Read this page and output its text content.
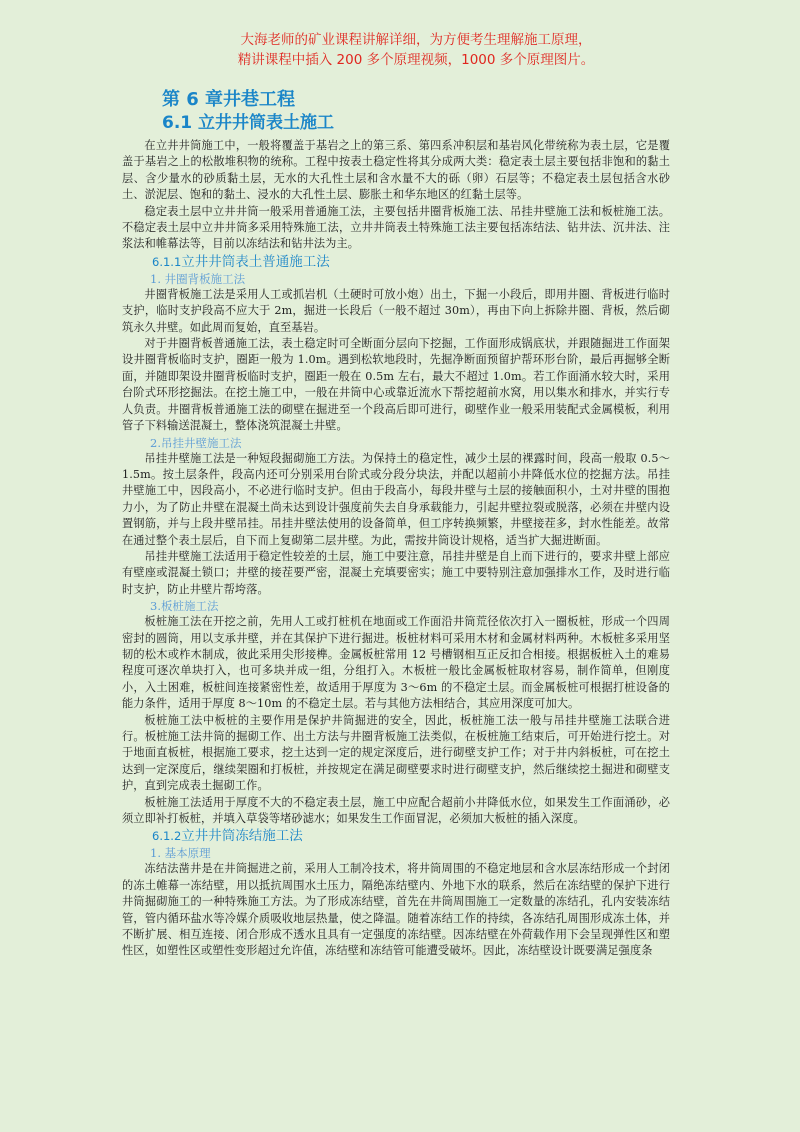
大海老师的矿业课程讲解详细，为方便考生理解施工原理，
精讲课程中插入 200 多个原理视频，1000 多个原理图片。
第 6 章井巷工程
6.1 立井井筒表土施工

在立井井筒施工中，一般将覆盖于基岩之上的第三系、第四系冲积层和基岩风化带统称为表土层，它是覆盖于基岩之上的松散堆积物的统称。工程中按表土稳定性将其分成两大类：稳定表土层主要包括非饱和的黏土层、含少量水的砂质黏土层，无水的大孔性土层和含水量不大的砾（卵）石层等；不稳定表土层包括含水砂土、淤泥层、饱和的黏土、浸水的大孔性土层、膨胀土和华东地区的红黏土层等。

稳定表土层中立井井筒一般采用普通施工法，主要包括井圈背板施工法、吊挂井壁施工法和板桩施工法。不稳定表土层中立井井筒多采用特殊施工法，立井井筒表土特殊施工法主要包括冻结法、钻井法、沉井法、注浆法和帷幕法等，目前以冻结法和钻井法为主。

6.1.1立井井筒表土普通施工法
1. 井圈背板施工法

井圈背板施工法是采用人工或抓岩机（土硬时可放小炮）出土，下掘一小段后，即用井圈、背板进行临时支护，临时支护段高不应大于 2m，掘进一长段后（一般不超过 30m），再由下向上拆除井圈、背板，然后砌筑永久井壁。如此周而复始，直至基岩。

对于井圈背板普通施工法，表土稳定时可全断面分层向下挖掘，工作面形成锅底状，并跟随掘进工作面架设井圈背板临时支护，圈距一般为 1.0m。遇到松软地段时，先掘净断面预留护帮环形台阶，最后再掘够全断面，并随即架设井圈背板临时支护，圈距一般在 0.5m 左右，最大不超过 1.0m。若工作面涌水较大时，采用台阶式环形挖掘法。在挖土施工中，一般在井筒中心或靠近流水下帮挖超前水窝，用以集水和排水，并实行专人负责。井圈背板普通施工法的砌壁在掘进至一个段高后即可进行，砌壁作业一般采用装配式金属模板，利用管子下料输送混凝土，整体浇筑混凝土井壁。

2.吊挂井壁施工法

吊挂井壁施工法是一种短段掘砌施工方法。为保持土的稳定性，减少土层的裸露时间，段高一般取 0.5～1.5m。按土层条件，段高内还可分别采用台阶式或分段分块法，并配以超前小井降低水位的挖掘方法。吊挂井壁施工中，因段高小，不必进行临时支护。但由于段高小，每段井壁与土层的接触面积小，土对井壁的围抱力小，为了防止井壁在混凝土尚未达到设计强度前失去自身承载能力，引起井壁拉裂或脱落，必须在井壁内设置钢筋，并与上段井壁吊挂。吊挂井壁法使用的设备简单，但工序转换频繁，井壁接茬多，封水性能差。故常在通过整个表土层后，自下而上复砌第二层井壁。为此，需按井筒设计规格，适当扩大掘进断面。

吊挂井壁施工法适用于稳定性较差的土层，施工中要注意，吊挂井壁是自上而下进行的，要求井壁上部应有壁座或混凝土锁口；井壁的接茬要严密，混凝土充填要密实；施工中要特别注意加强排水工作，及时进行临时支护，防止井壁片帮垮落。

3.板桩施工法

板桩施工法在开挖之前，先用人工或打桩机在地面或工作面沿井筒荒径依次打入一圈板桩，形成一个四周密封的圆筒，用以支承井壁，并在其保护下进行掘进。板桩材料可采用木材和金属材料两种。木板桩多采用坚韧的松木或柞木制成，彼此采用尖形接榫。金属板桩常用 12 号槽钢相互正反扣合相接。根据板桩入土的难易程度可逐次单块打入，也可多块并成一组，分组打入。木板桩一般比金属板桩取材容易，制作简单，但刚度小，入土困难，板桩间连接紧密性差，故适用于厚度为 3～6m 的不稳定土层。而金属板桩可根据打桩设备的能力条件，适用于厚度 8～10m 的不稳定土层。若与其他方法相结合，其应用深度可加大。

板桩施工法中板桩的主要作用是保护井筒掘进的安全，因此，板桩施工法一般与吊挂井壁施工法联合进行。板桩施工法井筒的掘砌工作、出土方法与井圈背板施工法类似，在板桩施工结束后，可开始进行挖土。对于地面直板桩，根据施工要求，挖土达到一定的规定深度后，进行砌壁支护工作；对于井内斜板桩，可在挖土达到一定深度后，继续架圈和打板桩，并按规定在满足砌壁要求时进行砌壁支护，然后继续挖土掘进和砌壁支护，直到完成表土掘砌工作。

板桩施工法适用于厚度不大的不稳定表土层，施工中应配合超前小井降低水位，如果发生工作面涌砂，必须立即补打板桩，并填入草袋等堵砂滤水；如果发生工作面冒泥，必须加大板桩的插入深度。

6.1.2立井井筒冻结施工法
1. 基本原理

冻结法凿井是在井筒掘进之前，采用人工制冷技术，将井筒周围的不稳定地层和含水层冻结形成一个封闭的冻土帷幕一冻结壁，用以抵抗周围水土压力，隔绝冻结壁内、外地下水的联系，然后在冻结壁的保护下进行井筒掘砌施工的一种特殊施工方法。为了形成冻结壁，首先在井筒周围施工一定数量的冻结孔，孔内安装冻结管，管内循环盐水等冷媒介质吸收地层热量，使之降温。随着冻结工作的持续，各冻结孔周围形成冻土体，并不断扩展、相互连接、闭合形成不透水且具有一定强度的冻结壁。因冻结壁在外荷载作用下会呈现弹性区和塑性区，如塑性区或塑性变形超过允许值，冻结壁和冻结管可能遭受破坏。因此，冻结壁设计既要满足强度条
